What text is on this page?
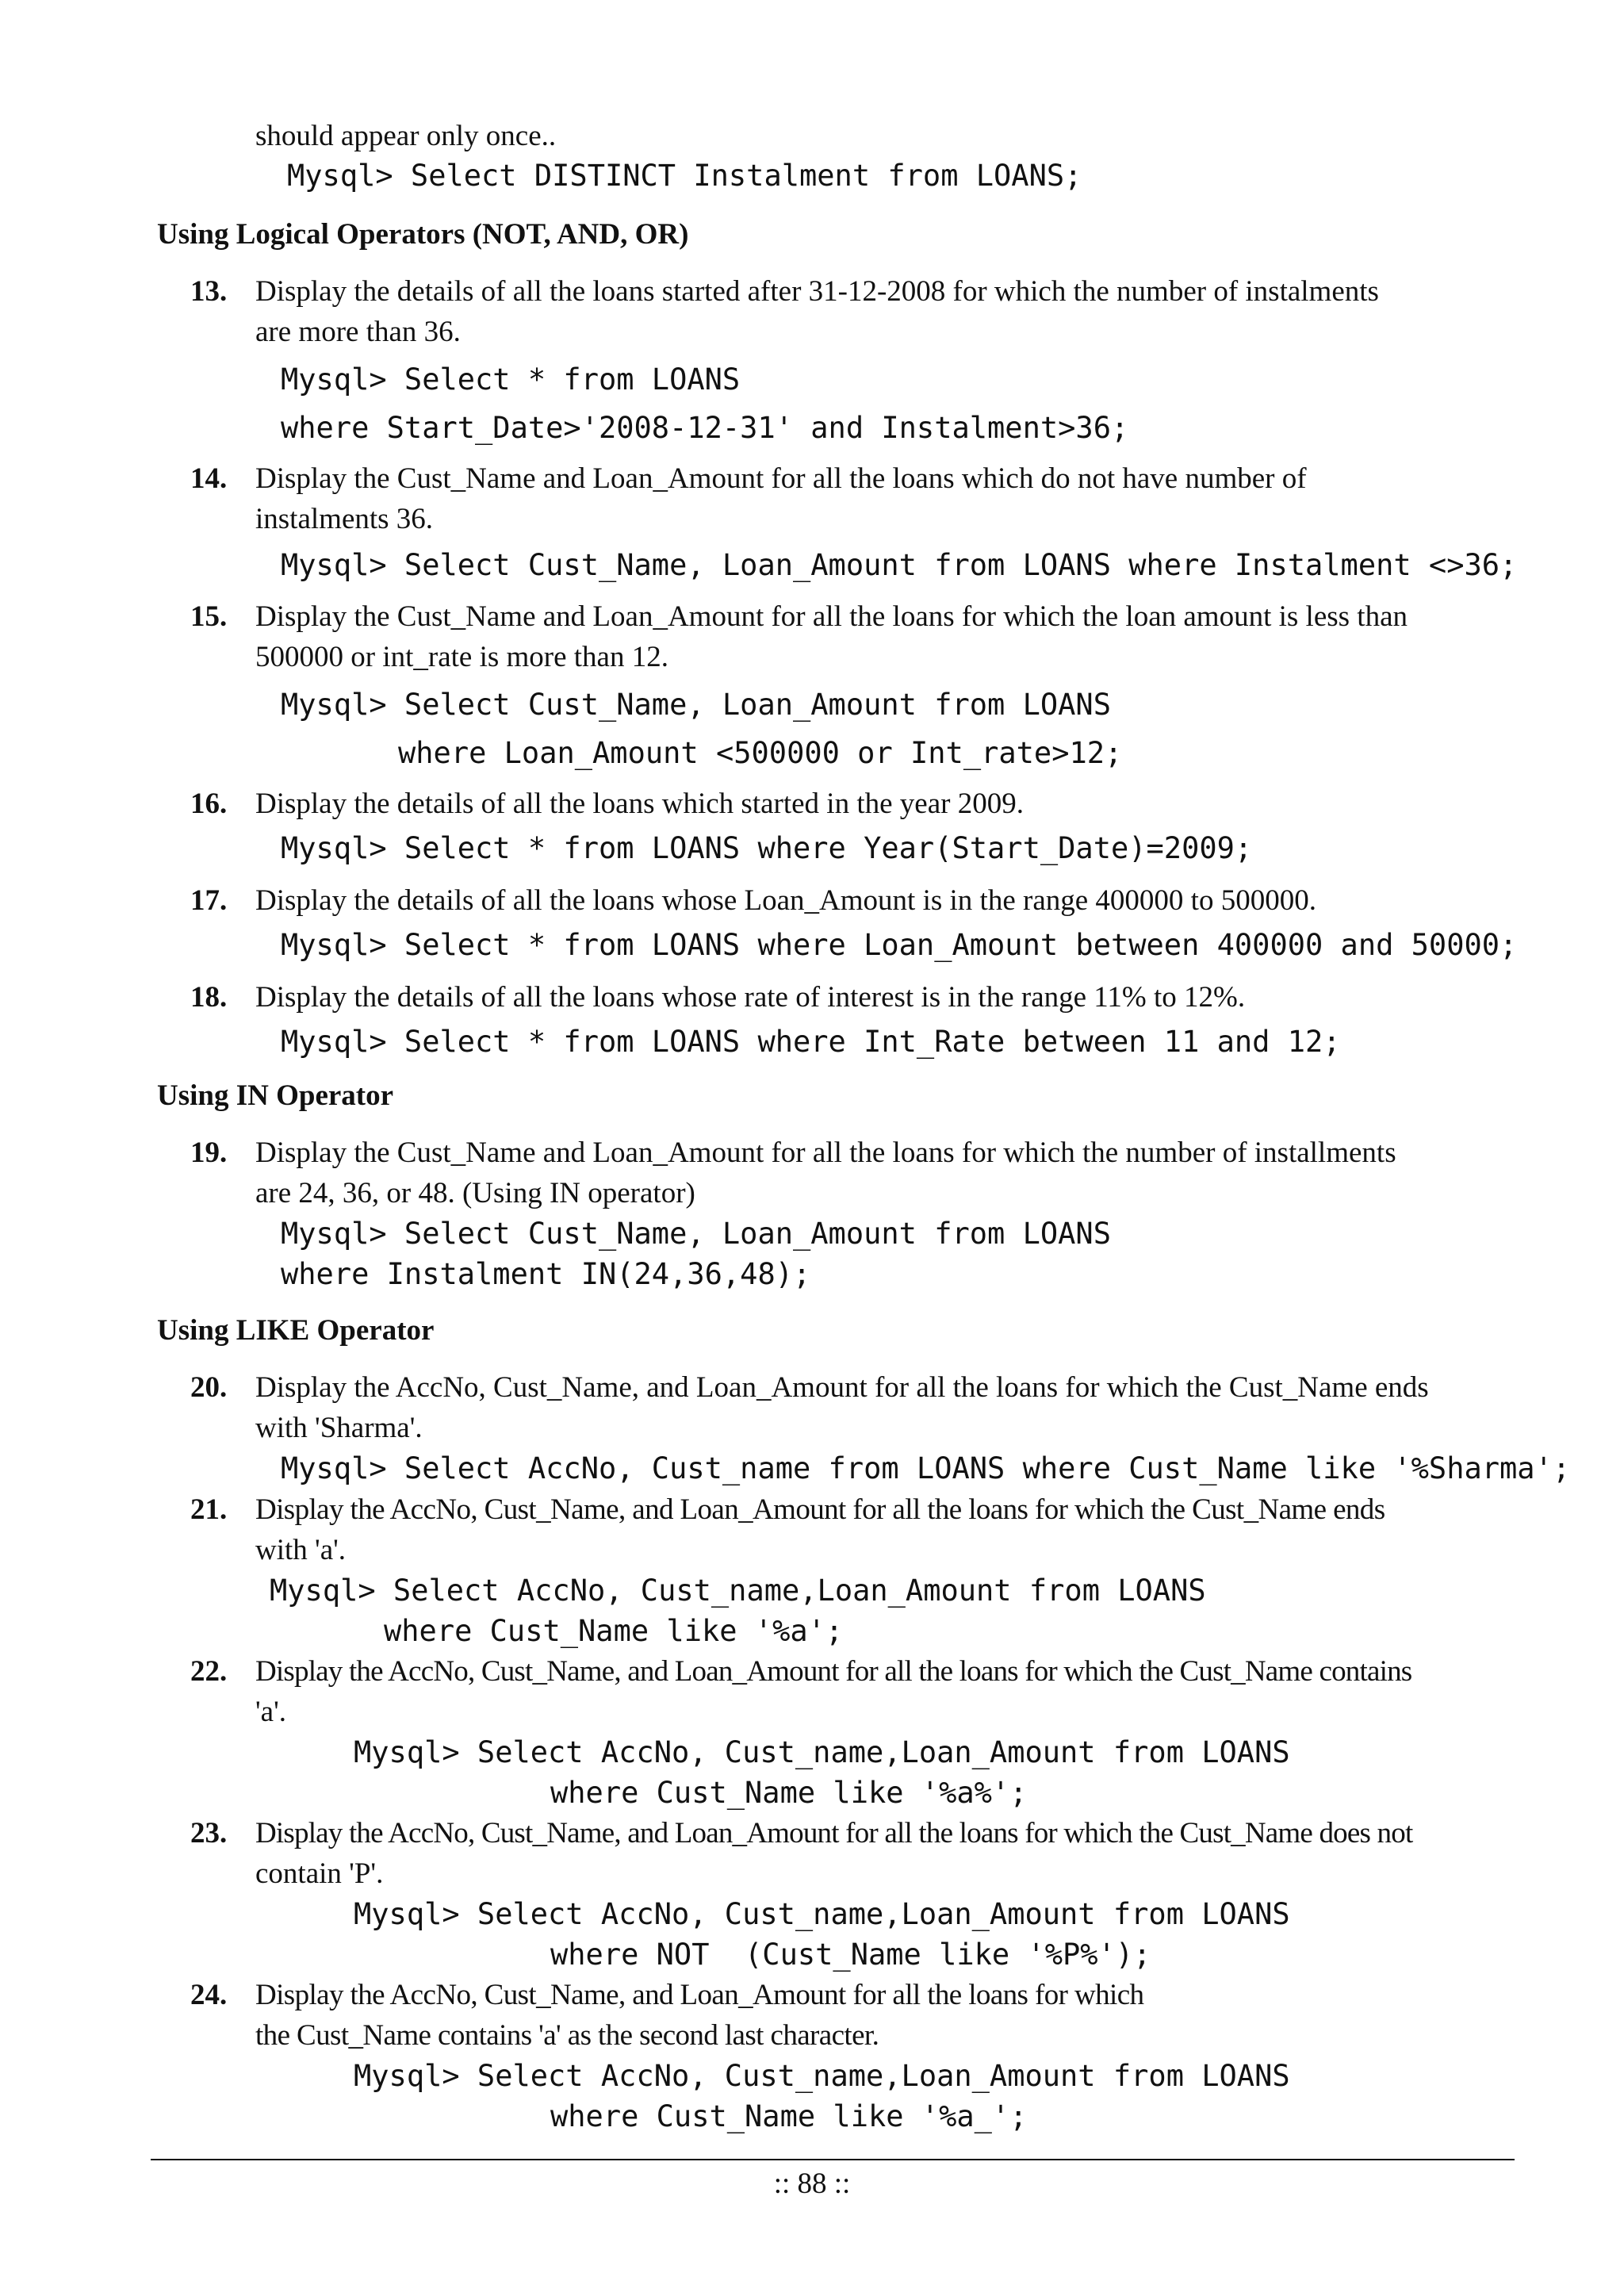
should appear only once..

Mysql> Select DISTINCT Instalment from LOANS;

Using Logical Operators (NOT, AND, OR)

13. Display the details of all the loans started after 31-12-2008 for which the number of instalments
are more than 36.
Mysql> Select * from LOANS
where Start_Date>'2008-12-31' and Instalment>36;
14. Display the Cust_Name and Loan_Amount for all the loans which do not have number of
instalments 36.
Mysql> Select Cust_Name, Loan_Amount from LOANS where Instalment <>36;
15. Display the Cust_Name and Loan_Amount for all the loans for which the loan amount is less than
500000 or int_rate is more than 12.
Mysql> Select Cust_Name, Loan_Amount from LOANS
where Loan_Amount <500000 or Int_rate>12;
16. Display the details of all the loans which started in the year 2009.
Mysql> Select * from LOANS where Year(Start_Date)=2009;
17. Display the details of all the loans whose Loan_Amount is in the range 400000 to 500000.
Mysql> Select * from LOANS where Loan_Amount between 400000 and 50000;
18. Display the details of all the loans whose rate of interest is in the range 11% to 12%.
Mysql> Select * from LOANS where Int_Rate between 11 and 12;

Using IN Operator

19. Display the Cust_Name and Loan_Amount for all the loans for which the number of installments
are 24, 36, or 48. (Using IN operator)
Mysql> Select Cust_Name, Loan_Amount from LOANS
where Instalment IN(24,36,48);

Using LIKE Operator

20. Display the AccNo, Cust_Name, and Loan_Amount for all the loans for which the Cust_Name ends
with 'Sharma'.
Mysql> Select AccNo, Cust_name from LOANS where Cust_Name like '%Sharma';
21. Display the AccNo, Cust_Name, and Loan_Amount for all the loans for which the Cust_Name ends
with 'a'.
Mysql> Select AccNo, Cust_name,Loan_Amount from LOANS
where Cust_Name like '%a';
22. Display the AccNo, Cust_Name, and Loan_Amount for all the loans for which the Cust_Name contains
'a'.
Mysql> Select AccNo, Cust_name,Loan_Amount from LOANS
where Cust_Name like '%a%';
23. Display the AccNo, Cust_Name, and Loan_Amount for all the loans for which the Cust_Name does not
contain 'P'.
Mysql> Select AccNo, Cust_name,Loan_Amount from LOANS
where NOT  (Cust_Name like '%P%');
24. Display the AccNo, Cust_Name, and Loan_Amount for all the loans for which
the Cust_Name contains 'a' as the second last character.
Mysql> Select AccNo, Cust_name,Loan_Amount from LOANS
where Cust_Name like '%a_';
:: 88 ::
